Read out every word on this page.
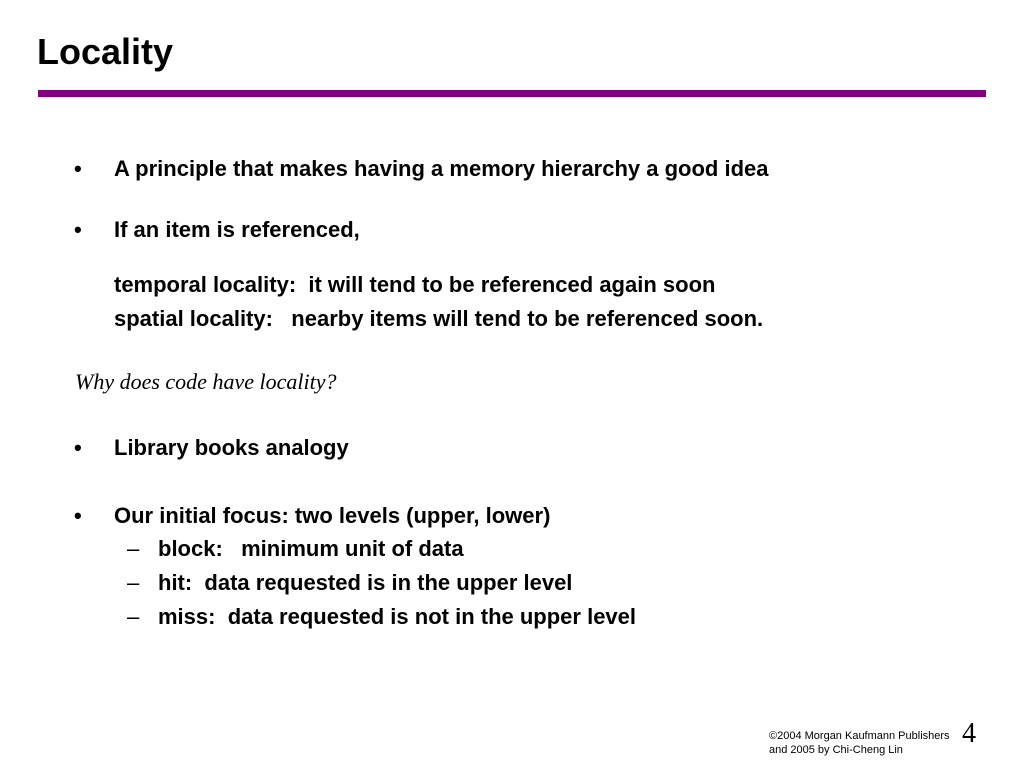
Locality
•	A principle that makes having a memory hierarchy a good idea
•	If an item is referenced,
temporal locality:  it will tend to be referenced again soon
spatial locality:   nearby items will tend to be referenced soon.
Why does code have locality?
•	Library books analogy
•	Our initial focus: two levels (upper, lower)

–

block:   minimum unit of data

–

hit:  data requested is in the upper level

–

miss:  data requested is not in the upper level

©2004 Morgan Kaufmann Publishers
and 2005 by Chi-Cheng Lin
4
